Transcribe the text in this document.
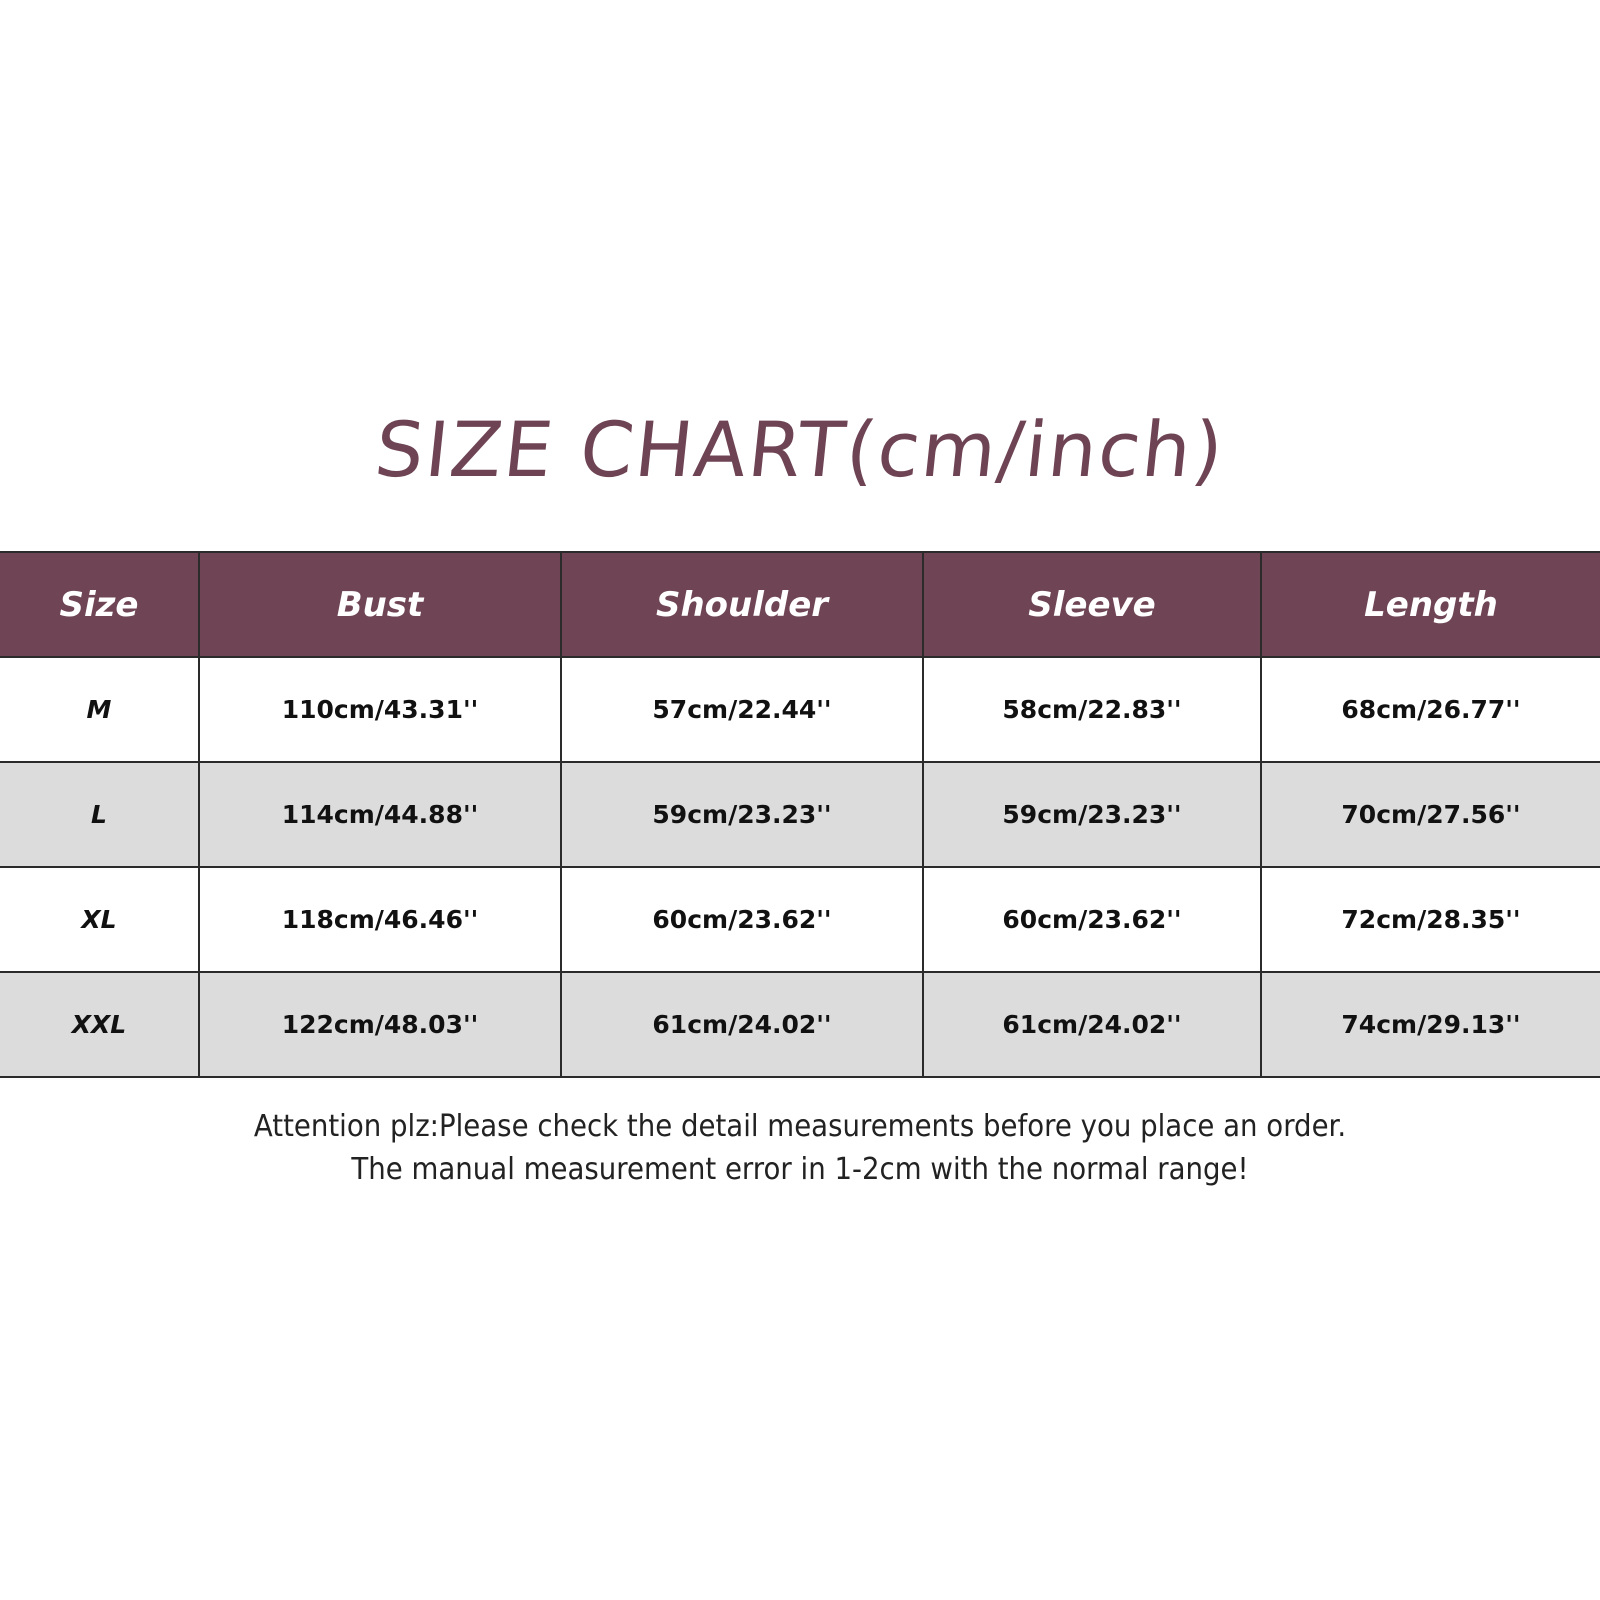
SIZE CHART(cm/inch)
Size	Bust	Shoulder	Sleeve	Length
M	110cm/43.31''	57cm/22.44''	58cm/22.83''	68cm/26.77''
L	114cm/44.88''	59cm/23.23''	59cm/23.23''	70cm/27.56''
XL	118cm/46.46''	60cm/23.62''	60cm/23.62''	72cm/28.35''
XXL	122cm/48.03''	61cm/24.02''	61cm/24.02''	74cm/29.13''
Attention plz:Please check the detail measurements before you place an order.
The manual measurement error in 1-2cm with the normal range!
